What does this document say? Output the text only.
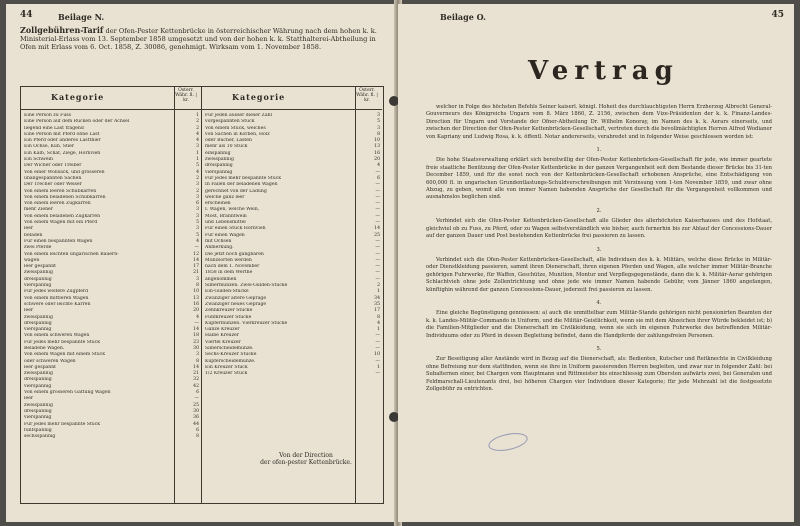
44	Beilage N.
Zollgebühren-Tarif der Ofen-Pester Kettenbrücke in österreichischer Währung nach dem hohen k. k. Ministerial-Erlass vom 13. September 1858 umgesetzt und von der hohen k. k. Statthalterei-Abtheilung in Ofen mit Erlass vom 6. Oct. 1858, Z. 30086, genehmigt. Wirksam vom 1. November 1858.
Kategorie
Österr. Währ. fl. | kr.
Eine Person zu Fuss
Eine Person auf dem Rücken oder der Achsel
liegend eine Last tragend
Eine Person mit Pferd ohne Last
Ein Pferd oder anderes Lastthier
Ein Ochse, Kuh, Stier
Ein Kalb, Schaf, Ziege, Hornvieh
Ein Schwein
Der Wicher oder Treiber
Von einer Wollsack, und grösseren
unangespannten Sachen
Der Trecher oder Weiser
Von einem leeren Schubkarren
Von einem beladenen Schubkarren
Von einem leeren Zugkarren
mehr Zieher
Von einem beladenen Zugkarren
Von einem Wagen mit ein Pferd
leer
beladen
Für einen bespannten Wagen
zwei Pferde
Von einem leichten ungarischen Bauern-
wagen
leer gespannt
zweispännig
dreispännig
vierspännig
Für jedes weitere Zugpferd
Von einem mittleren Wagen
schwere oder leichte Karren
leer
zweispännig
dreispännig
vierspännig
Von einem schweren Wagen
Für jedes mehr bespannte Stück
Beladene Wagen.
Von einem Wagen mit einem Stück
oder schweren Wagen
leer gespannt
zweispännig
dreispännig
vierspännig
Von einem grösseren Gattung Wagen
leer
zweispännig
dreispännig
vierspännig
Für jedes mehr bespannte Stück
fünfspännig
sechsspännig
1
2
2
4
4
3
1
1
5
4
2
3
2
3
6
3
3
5
3
5
4
—
12
14
17
21
3
8
10
13
16
20
4
—
14
18
23
30
3
8
14
21
32
42
6
—
25
30
36
44
6
8
Kategorie
Österr. Währ. fl. | kr.
Für jeden ausser dieser Zahl
vorgespannten Stück
Von einem Stück, welches
von Sachen in Körben, Holz
oder Bücher, Lasten
mehr als 10 Stück
einspännig
zweispännig
dreispännig
vierspännig
Für jedes mehr bespannte Stück
In Fällen der beladenen Wagen
gerechnet von der Ladung
welche ganz leer
erscheinen
I. Wagen, welche Wein,
Most, Branntwein
und Lebensmittel
Für einen Stück Hornvieh
Für einen Wagen
mit Ochsen
Anmerkung.
Die jetzt noch gangbaren
Münzsorten werden
nach dem 1. November
1858 in dem Werthe
angenommen
Silbermünzen. Zwei-Gulden-Stücke
Ein-Gulden-Stücke
Zwanziger ältere Gepräge
Zwanziger neues Gepräge
Zehnkreuzer Stücke
Fünfkreuzer Stücke
Kupfermünzen. Vierkreuzer Stücke
Ganze Kreuzer
Halbe Kreuzer
Viertel Kreuzer
Silberscheidemünze.
Sechs-Kreuzer Stücke
Kupferscheidemünze.
Ein Kreuzer Stück
1/2 Kreuzer Stück
3
5
3
8
10
13
16
20
4
—
6
—
—
—
—
—
—
—
14
25
—
—
—
—
—
—
—
2
1
34
35
17
8
4
1
—
—
—
10
—
1
—
Von der Direction
der ofen-pester Kettenbrücke.
Beilage O.	45
Vertrag

welcher in Folge des höchsten Befehls Seiner kaiserl. königl. Hoheit des durchlauchtigsten Herrn Erzherzog Albrecht General-Gouverneurs des Königreichs Ungarn vom 8. März 1860, Z. 2156, zwischen dem Vize-Präsidenten der k. k. Finanz-Landes-Direction für Ungarn und Vorstande der Ofner-Abtheilung Dr. Wilhelm Konoray, im Namen des k. k. Aerars einerseits, und zwischen der Direction der Ofen-Pester Kettenbrücken-Gesellschaft, vertreten durch die bevollmächtigten Herren Alfred Wodianer von Kapriany und Ludwig Rosa, k. k. öffentl. Notar andererseits, verabredet und in folgender Weise geschlossen worden ist:

1.

Die hohe Staatsverwaltung erklärt sich bereitwillig der Ofen-Pester Kettenbrücken-Gesellschaft für jede, wie immer geartete freie staatliche Benützung der Ofen-Pester Kettenbrücke in der ganzen Vergangenheit seit dem Bestande dieser Brücke bis 31-ten December 1859, und für die sonst noch von der Kettenbrücken-Gesellschaft erhobenen Ansprüche, eine Entschädigung von 600,000 fl. in ungarischen Grundentlastungs-Schuldverschreibungen mit Verzinsung vom 1-ten November 1859, und zwar ohne Abzug, zu geben, womit alle von immer Namen habenden Ansprüche der Gesellschaft für die Vergangenheit vollkommen und ausnahmslos beglichen sind.

2.

Verbindet sich die Ofen-Pester Kettenbrücken-Gesellschaft alle Glieder des allerhöchsten Kaiserhauses und des Hofstaat, gleichviel ob zu Fuss, zu Pferd, oder zu Wagen selbstverständlich wie bisher, auch fernerhin bis zur Ablauf der Concessions-Dauer auf der ganzen Dauer und Post bestehenden Kettenbrücke frei passieren zu lassen.

3.

Verbindet sich die Ofen-Pester Kettenbrücken-Gesellschaft, alle Individuen des k. k. Militärs, welche diese Brücke in Militär- oder Dienstkleidung passieren, sammt ihren Dienerschaft, ihren eigenen Pferden und Wagen, alle welcher immer Militär-Branche gehörigen Fuhrwerke, für Waffen, Geschütze, Munition, Montur und Verpflegsgegenstände, dann die k. k. Militär-Aerar gehörigen Schlachtvieh ohne jede Zollentrichtung und ohne jede wie immer Namen habende Gebühr, vom Jänner 1860 angefangen, künftighin während der ganzen Concessions-Dauer, jederzeit frei passieren zu lassen.

4.

Eine gleiche Begünstigung genniessen: a) auch die unmittelbar zum Militär-Stande gehörigen nicht pensionirten Beamten der k. k. Landes-Militär-Commando in Uniform, und die Militär-Geistlichkeit, wenn sie mit dem Abzeichen ihrer Würde bekleidet ist; b) die Familien-Mitglieder und die Dienerschaft im Civilkleidung, wenn sie sich im eigenen Fuhrwerke des betreffenden Militär-Individuums oder zu Pferd in dessen Begleitung befindet, dann die Handpferde der zahlungsfreien Personen.

5.

Zur Beseitigung aller Anstände wird in Bezug auf die Dienerschaft, als: Bedienten, Kutscher und Reitknechte in Civilkleidung ohne Befreiung nur dem stattfinden, wenn sie ihre in Uniform passierenden Herren begleiten, und zwar nur in folgender Zahl: bei Subalternen einer, bei Chargen vom Hauptmann und Rittmeister bis einschliessig zum Obersten aufwärts zwei, bei Generalen und Feldmarschall-Lieutenants drei, bei höheren Chargen vier Individuen dieser Kategorie; für jede Mehrzahl ist die festgesetzte Zollgebühr zu entrichten.
